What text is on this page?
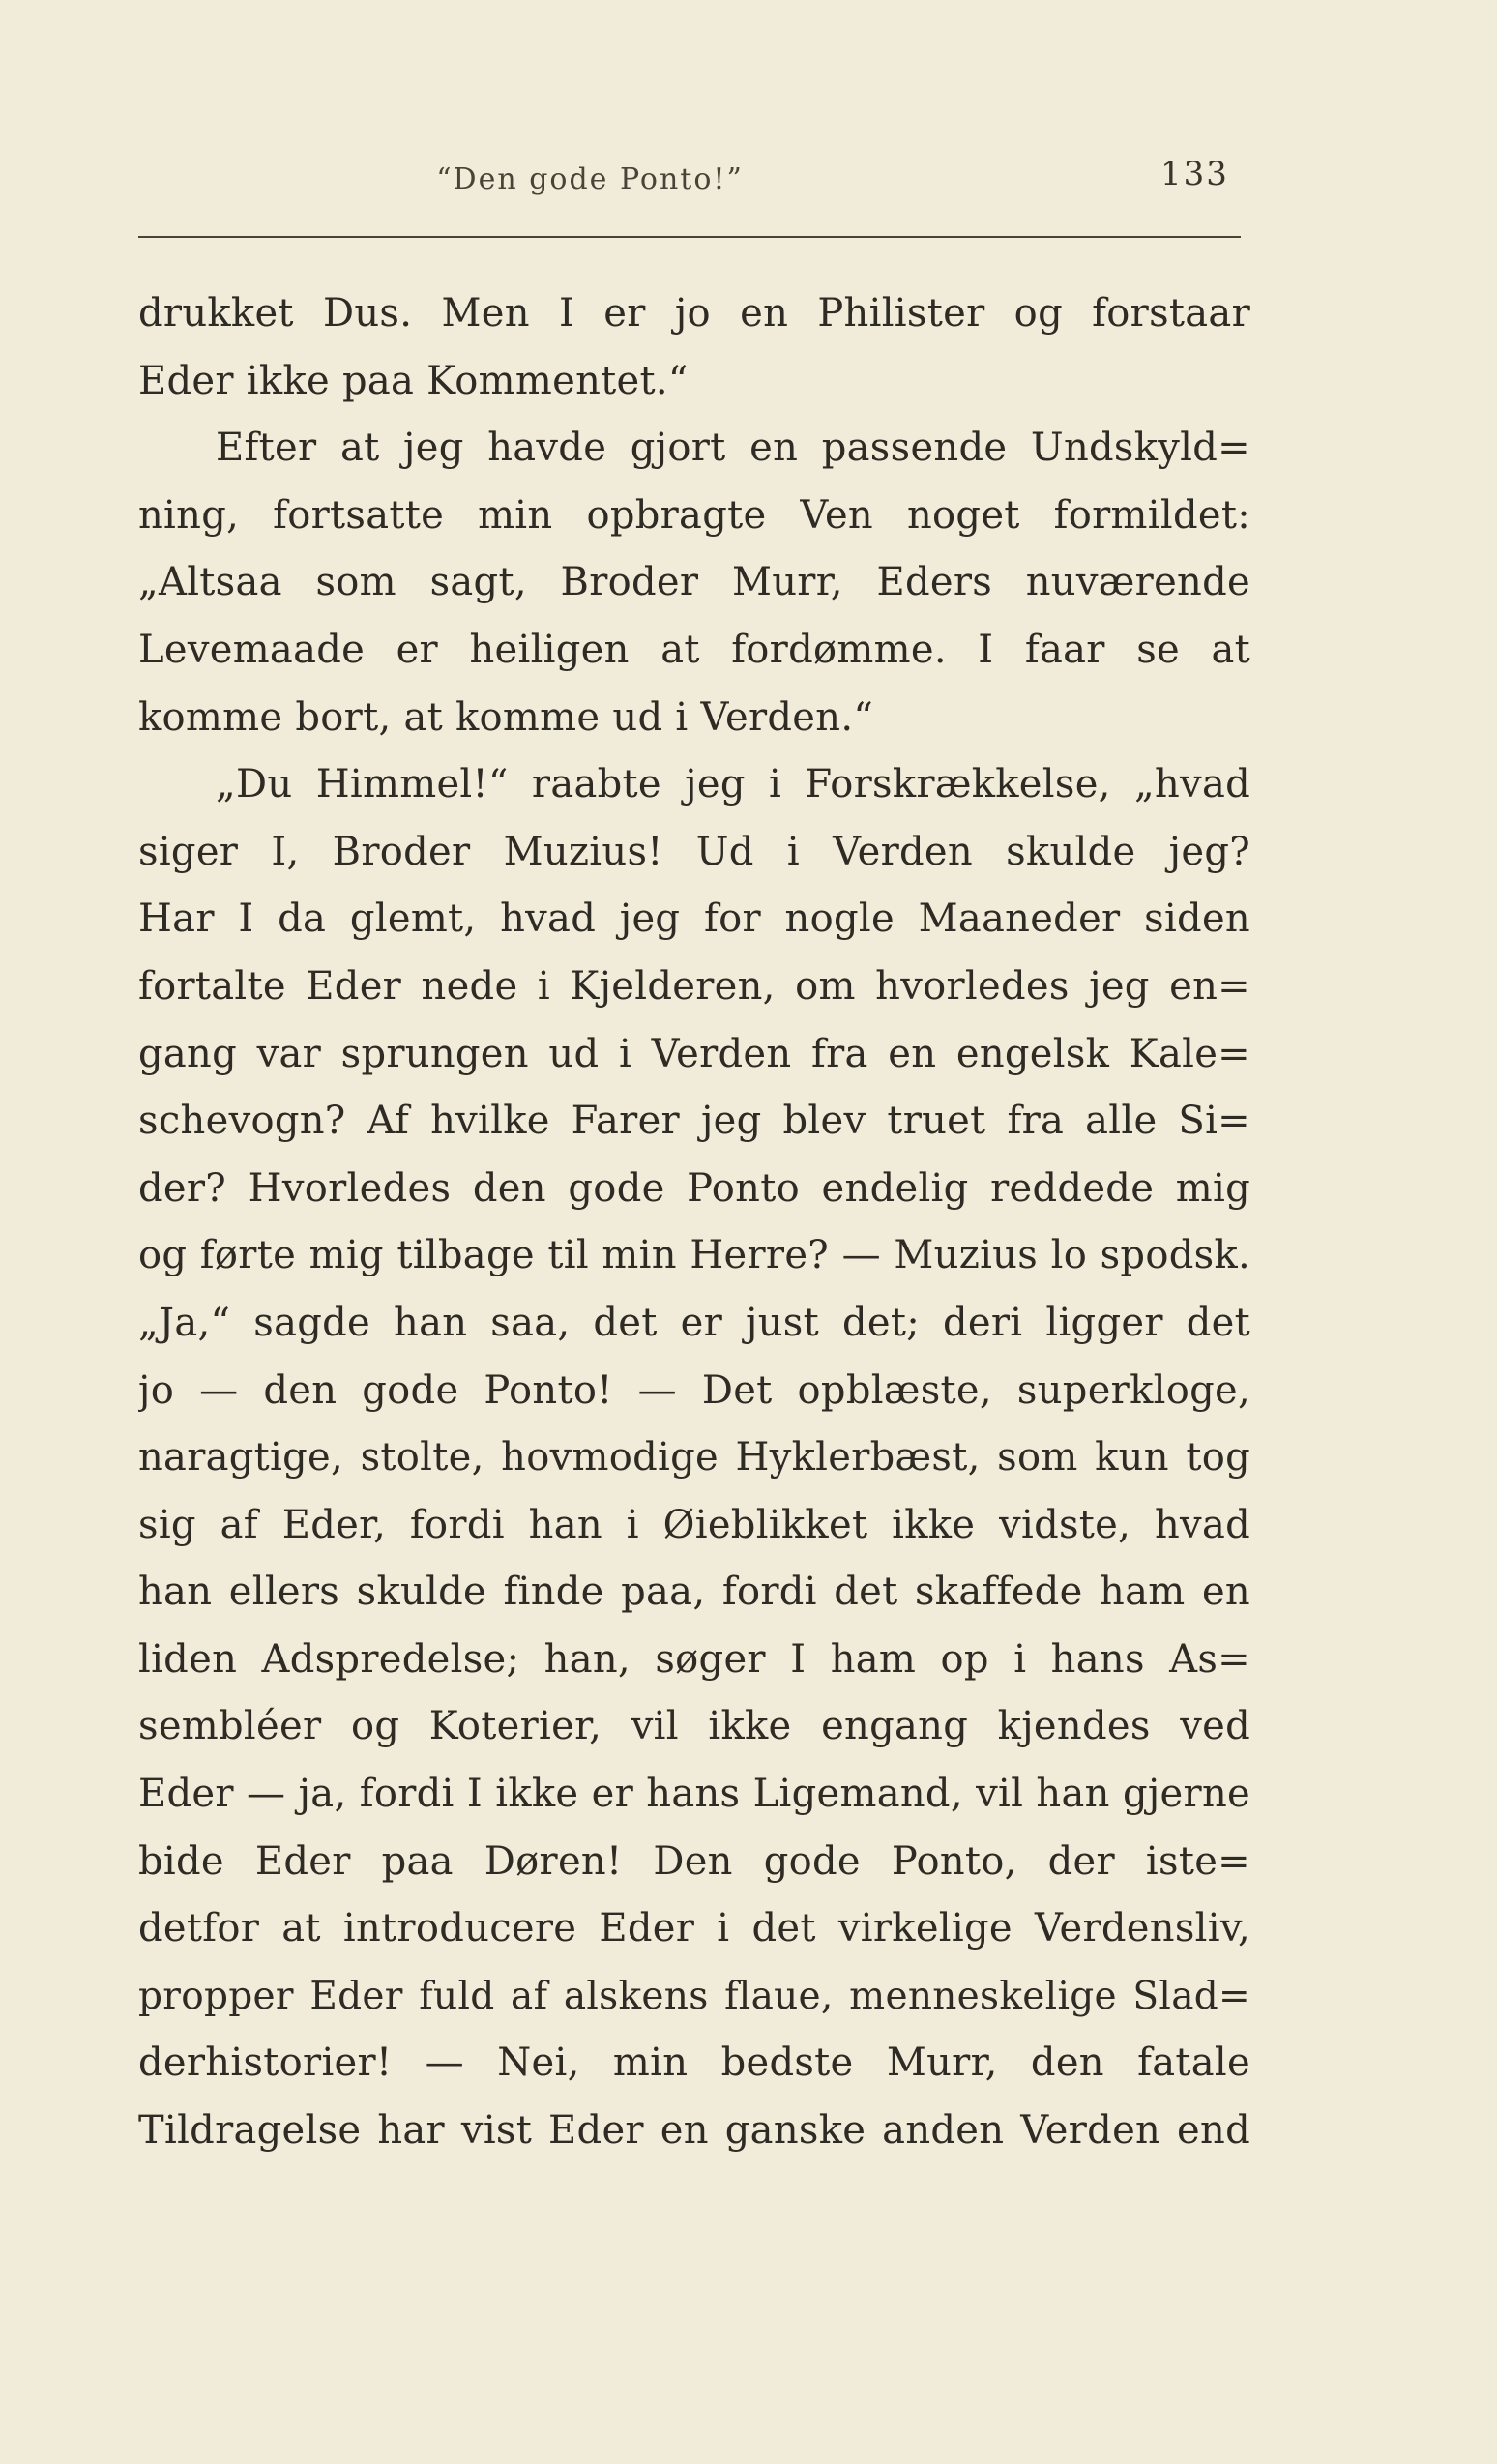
“Den gode Ponto!”	133
drukket Dus. Men I er jo en Philister og forstaar
Eder ikke paa Kommentet.“
Efter at jeg havde gjort en passende Undskyld=
ning, fortsatte min opbragte Ven noget formildet:
„Altsaa som sagt, Broder Murr, Eders nuværende
Levemaade er heiligen at fordømme. I faar se at
komme bort, at komme ud i Verden.“
„Du Himmel!“ raabte jeg i Forskrækkelse, „hvad
siger I, Broder Muzius! Ud i Verden skulde jeg?
Har I da glemt, hvad jeg for nogle Maaneder siden
fortalte Eder nede i Kjelderen, om hvorledes jeg en=
gang var sprungen ud i Verden fra en engelsk Kale=
schevogn? Af hvilke Farer jeg blev truet fra alle Si=
der? Hvorledes den gode Ponto endelig reddede mig
og førte mig tilbage til min Herre? — Muzius lo spodsk.
„Ja,“ sagde han saa, det er just det; deri ligger det
jo — den gode Ponto! — Det opblæste, superkloge,
naragtige, stolte, hovmodige Hyklerbæst, som kun tog
sig af Eder, fordi han i Øieblikket ikke vidste, hvad
han ellers skulde finde paa, fordi det skaffede ham en
liden Adspredelse; han, søger I ham op i hans As=
sembléer og Koterier, vil ikke engang kjendes ved
Eder — ja, fordi I ikke er hans Ligemand, vil han gjerne
bide Eder paa Døren! Den gode Ponto, der iste=
detfor at introducere Eder i det virkelige Verdensliv,
propper Eder fuld af alskens flaue, menneskelige Slad=
derhistorier! — Nei, min bedste Murr, den fatale
Tildragelse har vist Eder en ganske anden Verden end
